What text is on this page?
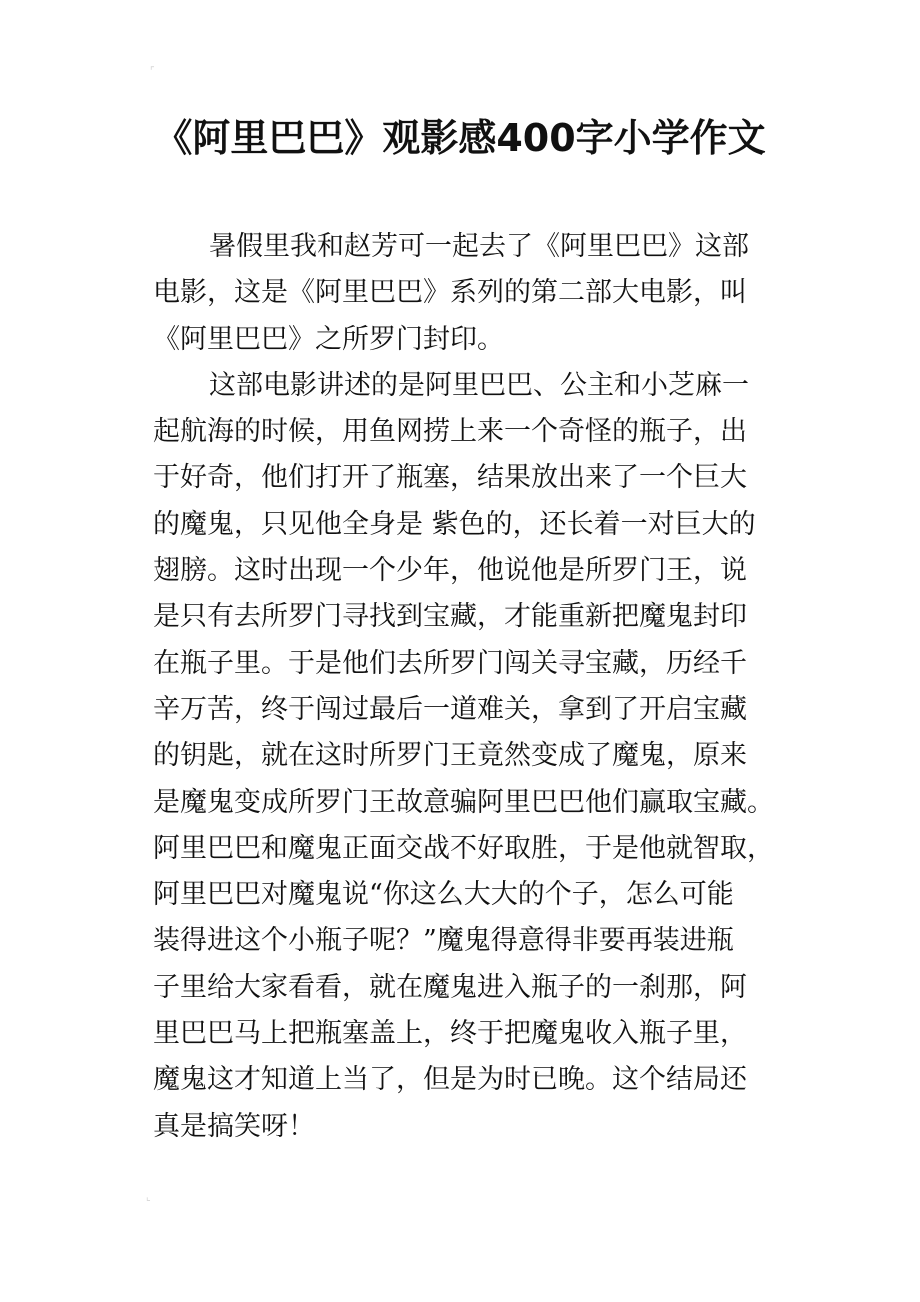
⌜
《阿里巴巴》观影感400字小学作文

暑假里我和赵芳可一起去了《阿里巴巴》这部
电影，这是《阿里巴巴》系列的第二部大电影，叫
《阿里巴巴》之所罗门封印。

这部电影讲述的是阿里巴巴、公主和小芝麻一
起航海的时候，用鱼网捞上来一个奇怪的瓶子，出
于好奇，他们打开了瓶塞，结果放出来了一个巨大
的魔鬼，只见他全身是 紫色的，还长着一对巨大的
翅膀。这时出现一个少年，他说他是所罗门王，说
是只有去所罗门寻找到宝藏，才能重新把魔鬼封印
在瓶子里。于是他们去所罗门闯关寻宝藏，历经千
辛万苦，终于闯过最后一道难关，拿到了开启宝藏
的钥匙，就在这时所罗门王竟然变成了魔鬼，原来
是魔鬼变成所罗门王故意骗阿里巴巴他们赢取宝藏。
阿里巴巴和魔鬼正面交战不好取胜，于是他就智取，
阿里巴巴对魔鬼说“你这么大大的个子，怎么可能
装得进这个小瓶子呢？”魔鬼得意得非要再装进瓶
子里给大家看看，就在魔鬼进入瓶子的一刹那，阿
里巴巴马上把瓶塞盖上，终于把魔鬼收入瓶子里，
魔鬼这才知道上当了，但是为时已晚。这个结局还
真是搞笑呀！

⌞
